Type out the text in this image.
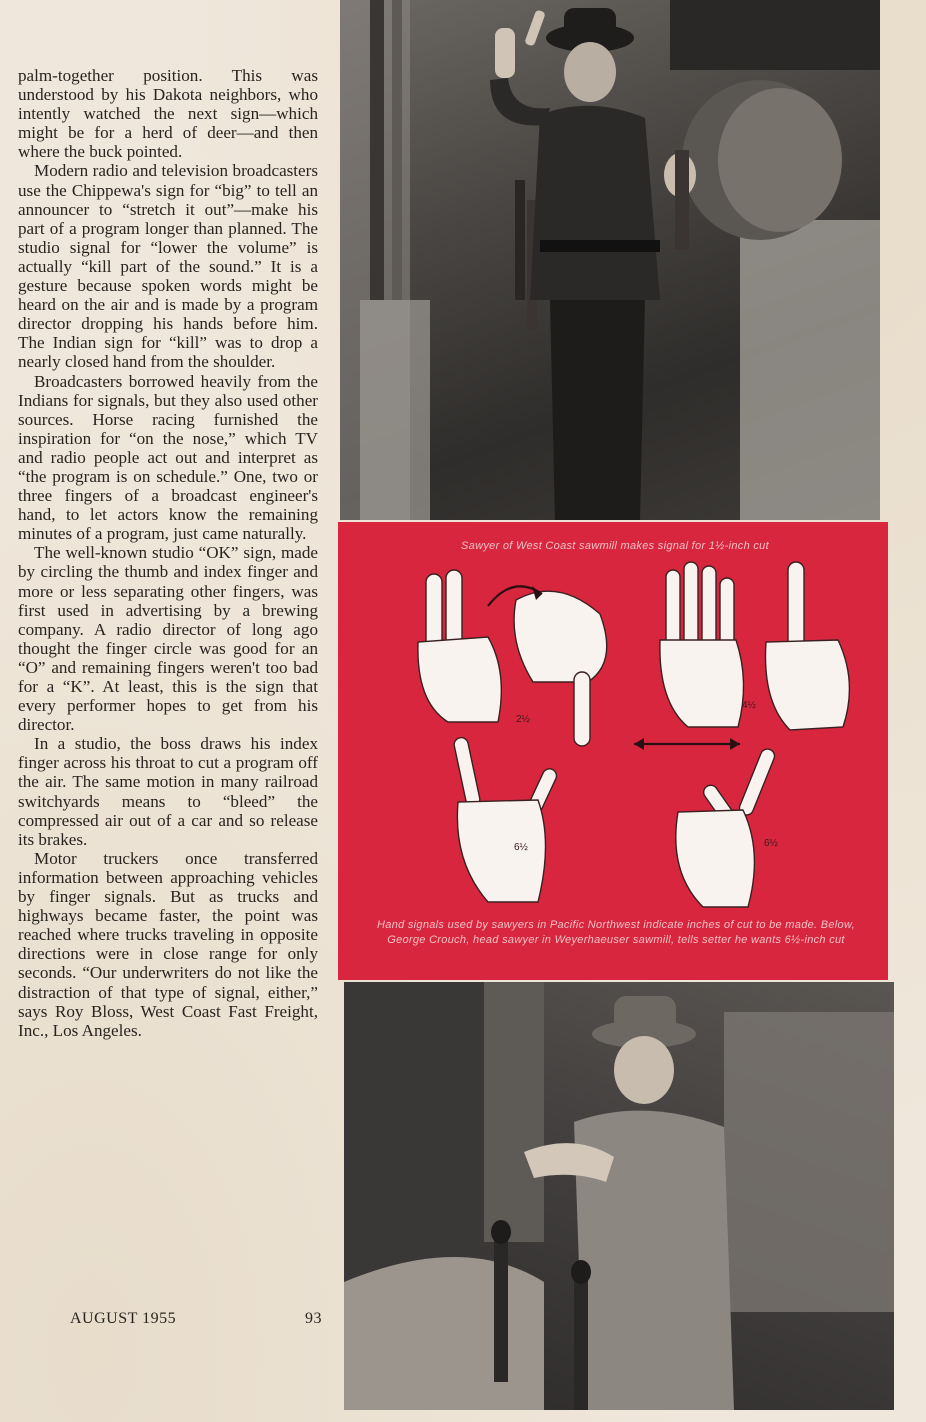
palm-together position. This was understood by his Dakota neighbors, who intently watched the next sign—which might be for a herd of deer—and then where the buck pointed.

Modern radio and television broadcasters use the Chippewa's sign for “big” to tell an announcer to “stretch it out”—make his part of a program longer than planned. The studio signal for “lower the volume” is actually “kill part of the sound.” It is a gesture because spoken words might be heard on the air and is made by a program director dropping his hands before him. The Indian sign for “kill” was to drop a nearly closed hand from the shoulder.

Broadcasters borrowed heavily from the Indians for signals, but they also used other sources. Horse racing furnished the inspiration for “on the nose,” which TV and radio people act out and interpret as “the program is on schedule.” One, two or three fingers of a broadcast engineer's hand, to let actors know the remaining minutes of a program, just came naturally.

The well-known studio “OK” sign, made by circling the thumb and index finger and more or less separating other fingers, was first used in advertising by a brewing company. A radio director of long ago thought the finger circle was good for an “O” and remaining fingers weren't too bad for a “K”. At least, this is the sign that every performer hopes to get from his director.

In a studio, the boss draws his index finger across his throat to cut a program off the air. The same motion in many railroad switchyards means to “bleed” the compressed air out of a car and so release its brakes.

Motor truckers once transferred information between approaching vehicles by finger signals. But as trucks and highways became faster, the point was reached where trucks traveling in opposite directions were in close range for only seconds. “Our underwriters do not like the distraction of that type of signal, either,” says Roy Bloss, West Coast Fast Freight, Inc., Los Angeles.

AUGUST 1955	93
Sawyer of West Coast sawmill makes signal for 1½-inch cut
2½
4½
6½	6½
Hand signals used by sawyers in Pacific Northwest indicate inches of cut to be made. Below, George Crouch, head sawyer in Weyerhaeuser sawmill, tells setter he wants 6½-inch cut
